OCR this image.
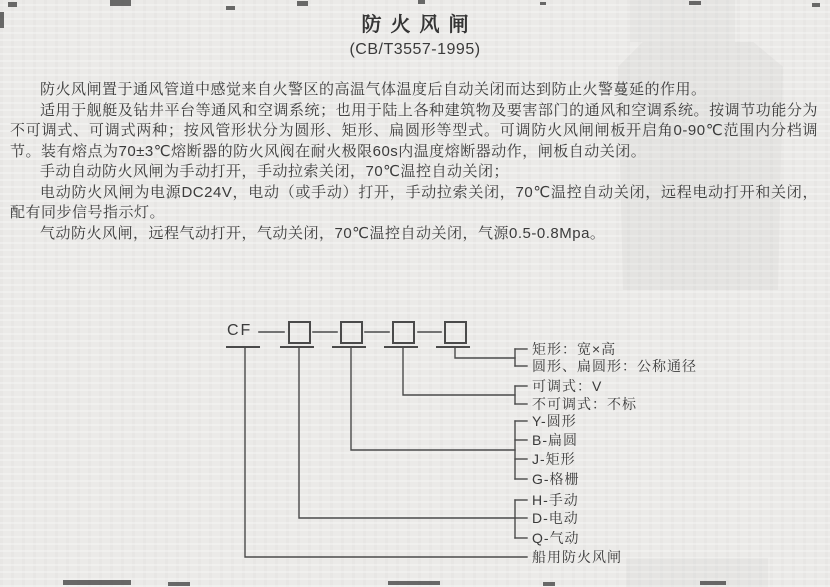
防火风闸
(CB/T3557-1995)

防火风闸置于通风管道中感觉来自火警区的高温气体温度后自动关闭而达到防止火警蔓延的作用。

适用于舰艇及钻井平台等通风和空调系统；也用于陆上各种建筑物及要害部门的通风和空调系统。按调节功能分为不可调式、可调式两种；按风管形状分为圆形、矩形、扁圆形等型式。可调防火风闸闸板开启角0-90℃范围内分档调节。装有熔点为70±3℃熔断器的防火风阀在耐火极限60s内温度熔断器动作，闸板自动关闭。

手动自动防火风闸为手动打开，手动拉索关闭，70℃温控自动关闭；

电动防火风闸为电源DC24V，电动（或手动）打开，手动拉索关闭，70℃温控自动关闭，远程电动打开和关闭，配有同步信号指示灯。

气动防火风闸，远程气动打开，气动关闭，70℃温控自动关闭，气源0.5-0.8Mpa。

CF
矩形：宽×高
圆形、扁圆形：公称通径
可调式：V
不可调式：不标
Y-圆形
B-扁圆
J-矩形
G-格栅
H-手动
D-电动
Q-气动
船用防火风闸
